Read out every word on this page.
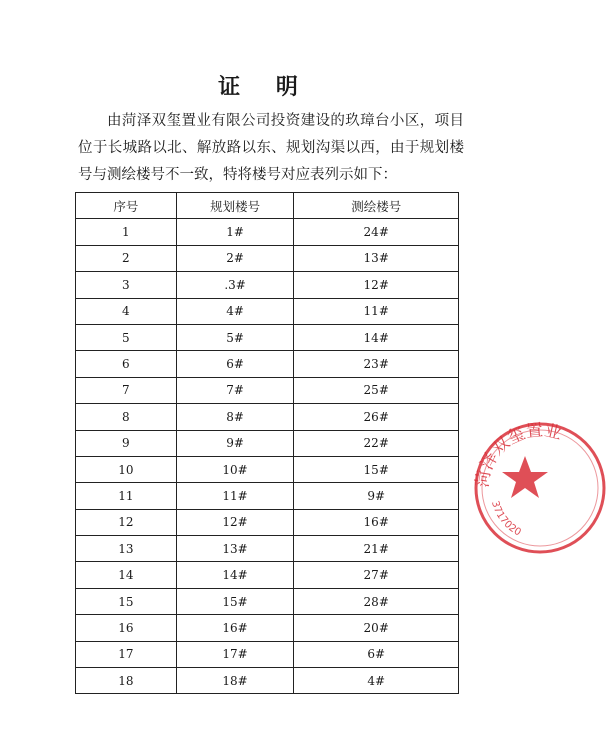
证 明
由菏泽双玺置业有限公司投资建设的玖璋台小区，项目位于长城路以北、解放路以东、规划沟渠以西，由于规划楼号与测绘楼号不一致，特将楼号对应表列示如下：
序号	规划楼号	测绘楼号
1	1#	24#
2	2#	13#
3	.3#	12#
4	4#	11#
5	5#	14#
6	6#	23#
7	7#	25#
8	8#	26#
9	9#	22#
10	10#	15#
11	11#	9#
12	12#	16#
13	13#	21#
14	14#	27#
15	15#	28#
16	16#	20#
17	17#	6#
18	18#	4#
菏泽双玺置业
3717020
